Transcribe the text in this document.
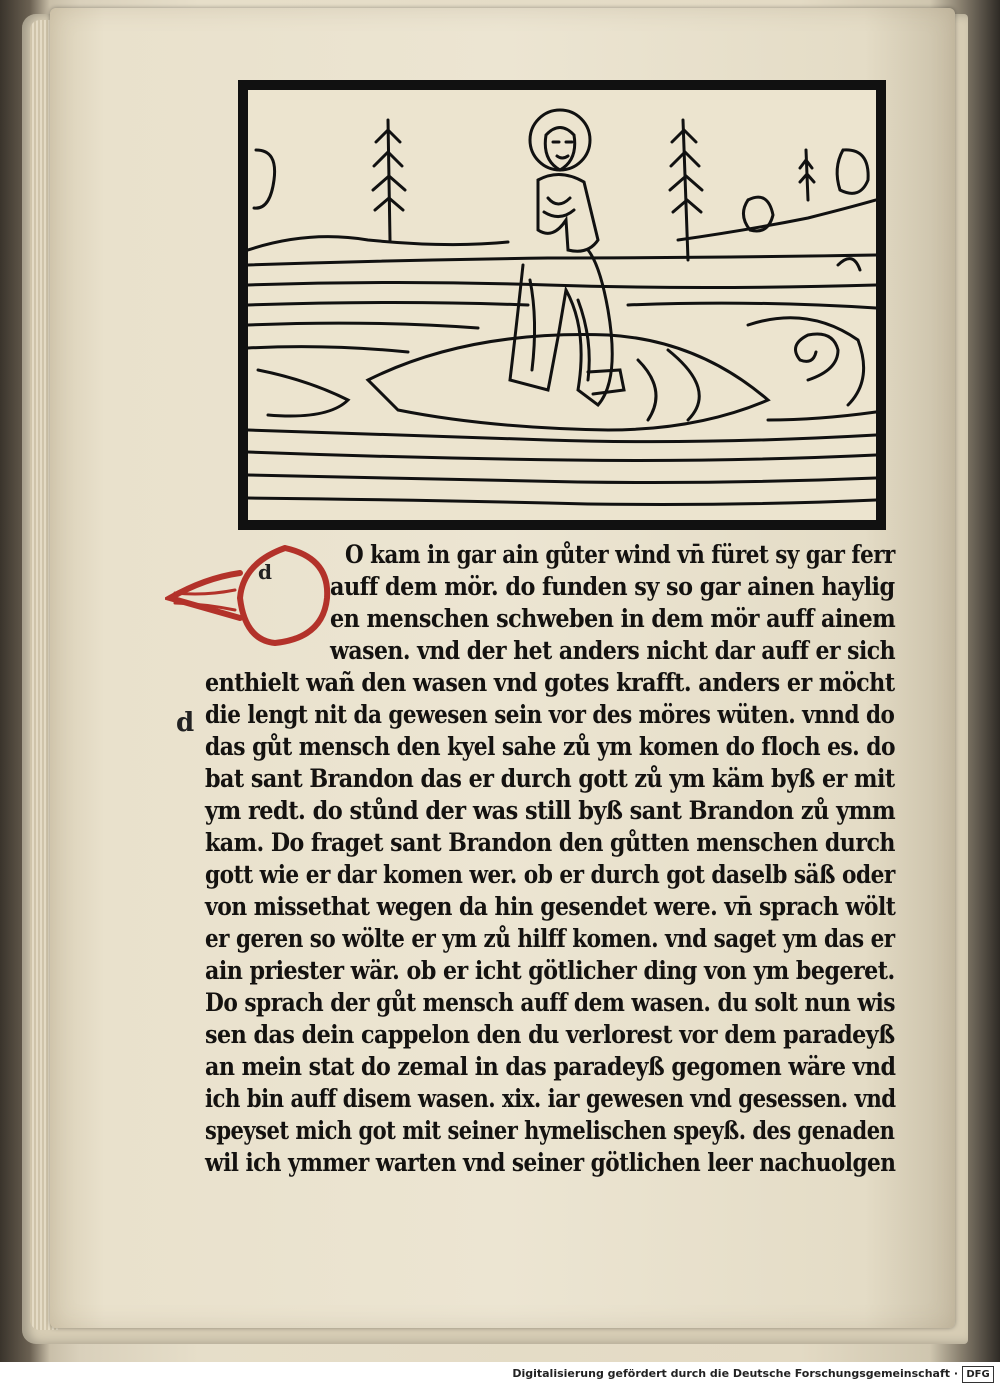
d
d
O kam in gar ain gůter wind vn̄ füret sy gar ferr
auff dem mör. do funden sy so gar ainen haylig
en menschen schweben in dem mör auff ainem
wasen. vnd der het anders nicht dar auff er sich
enthielt wañ den wasen vnd gotes krafft. anders er möcht
die lengt nit da gewesen sein vor des möres wüten. vnnd do
das gůt mensch den kyel sahe zů ym komen do floch es. do
bat sant Brandon das er durch gott zů ym käm byß er mit
ym redt. do stůnd der was still byß sant Brandon zů ymm
kam. Do fraget sant Brandon den gůtten menschen durch
gott wie er dar komen wer. ob er durch got daselb säß oder
von missethat wegen da hin gesendet were. vn̄ sprach wölt
er geren so wölte er ym zů hilff komen. vnd saget ym das er
ain priester wär. ob er icht götlicher ding von ym begeret.
Do sprach der gůt mensch auff dem wasen. du solt nun wis
sen das dein cappelon den du verlorest vor dem paradeyß
an mein stat do zemal in das paradeyß gegomen wäre vnd
ich bin auff disem wasen. xix. iar gewesen vnd gesessen. vnd
speyset mich got mit seiner hymelischen speyß. des genaden
wil ich ymmer warten vnd seiner götlichen leer nachuolgen
Digitalisierung gefördert durch die Deutsche Forschungsgemeinschaft · DFG
